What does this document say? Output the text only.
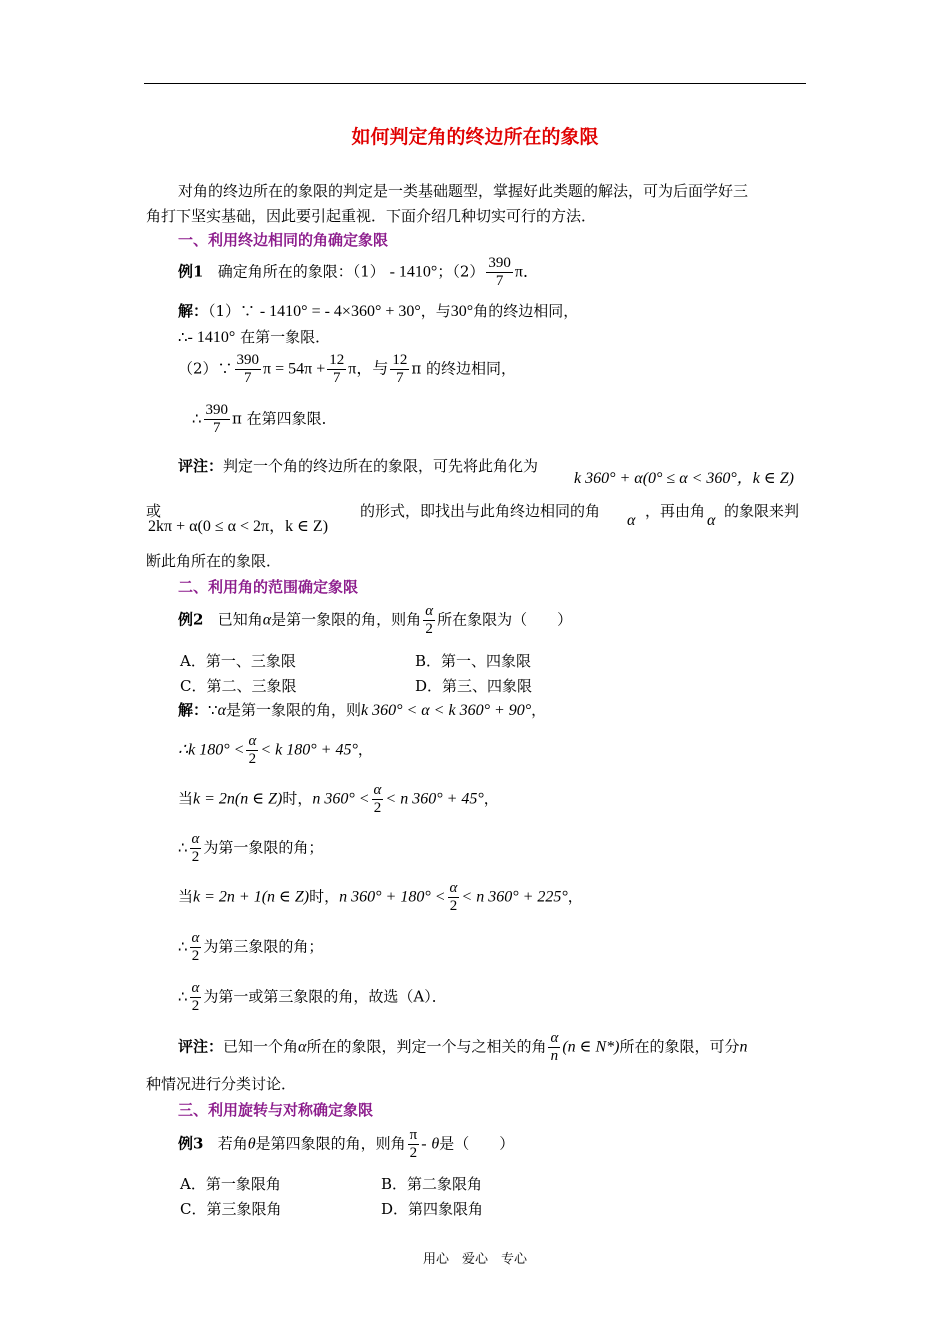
如何判定角的终边所在的象限
对角的终边所在的象限的判定是一类基础题型，掌握好此类题的解法，可为后面学好三
角打下坚实基础，因此要引起重视．下面介绍几种切实可行的方法．
一、利用终边相同的角确定象限
例1 确定角所在的象限：（1） - 1410°；$(2) \frac{390}{7}$ π．
解：（1）∵ - 1410° = - 4×360° + 30°，与30°角的终边相同，
∴- 1410° 在第一象限．
（2）∵ $\frac{390}{7}$ $\pi = 54\pi + \frac{12}{7}$ π，与 $\frac{12}{7}$ π 的终边相同，
∴ $\frac{390}{7}$ π 在第四象限．
评注：判定一个角的终边所在的象限，可先将此角化为
k 360° + α(0° ≤ α < 360°，k ∈ Z)
或
2kπ + α(0 ≤ α < 2π，k ∈ Z)
的形式，即找出与此角终边相同的角
α
，再由角
α
的象限来判
断此角所在的象限．
二、利用角的范围确定象限
例2 已知角α是第一象限的角，则角 $\frac{\alpha}{2}$ 所在象限为（　　）
A．第一、三象限	B．第一、四象限
C．第二、三象限	D．第三、四象限
解：∵α是第一象限的角，则k 360° < α < k 360° + 90°，
∴k $180^\circ < \frac{\alpha}{2} < k$ 180° + 45°，
当k = 2n(n ∈ Z)时，n $360^\circ < \frac{\alpha}{2} < n$ 360° + 45°，
∴ $\frac{\alpha}{2}$ 为第一象限的角；
当k = 2n + 1(n ∈ Z)时，n $360^\circ + 180^\circ < \frac{\alpha}{2} < n$ 360° + 225°，
∴ $\frac{\alpha}{2}$ 为第三象限的角；
∴ $\frac{\alpha}{2}$ 为第一或第三象限的角，故选（A）．
评注：已知一个角α所在的象限，判定一个与之相关的角 $\frac{\alpha}{n} (n$ ∈ N*)所在的象限，可分n
种情况进行分类讨论．
三、利用旋转与对称确定象限
例3 若角θ是第四象限的角，则角 $\frac{\pi}{2}$ - θ是（　　）
A．第一象限角	B．第二象限角
C．第三象限角	D．第四象限角
用心　爱心　专心
